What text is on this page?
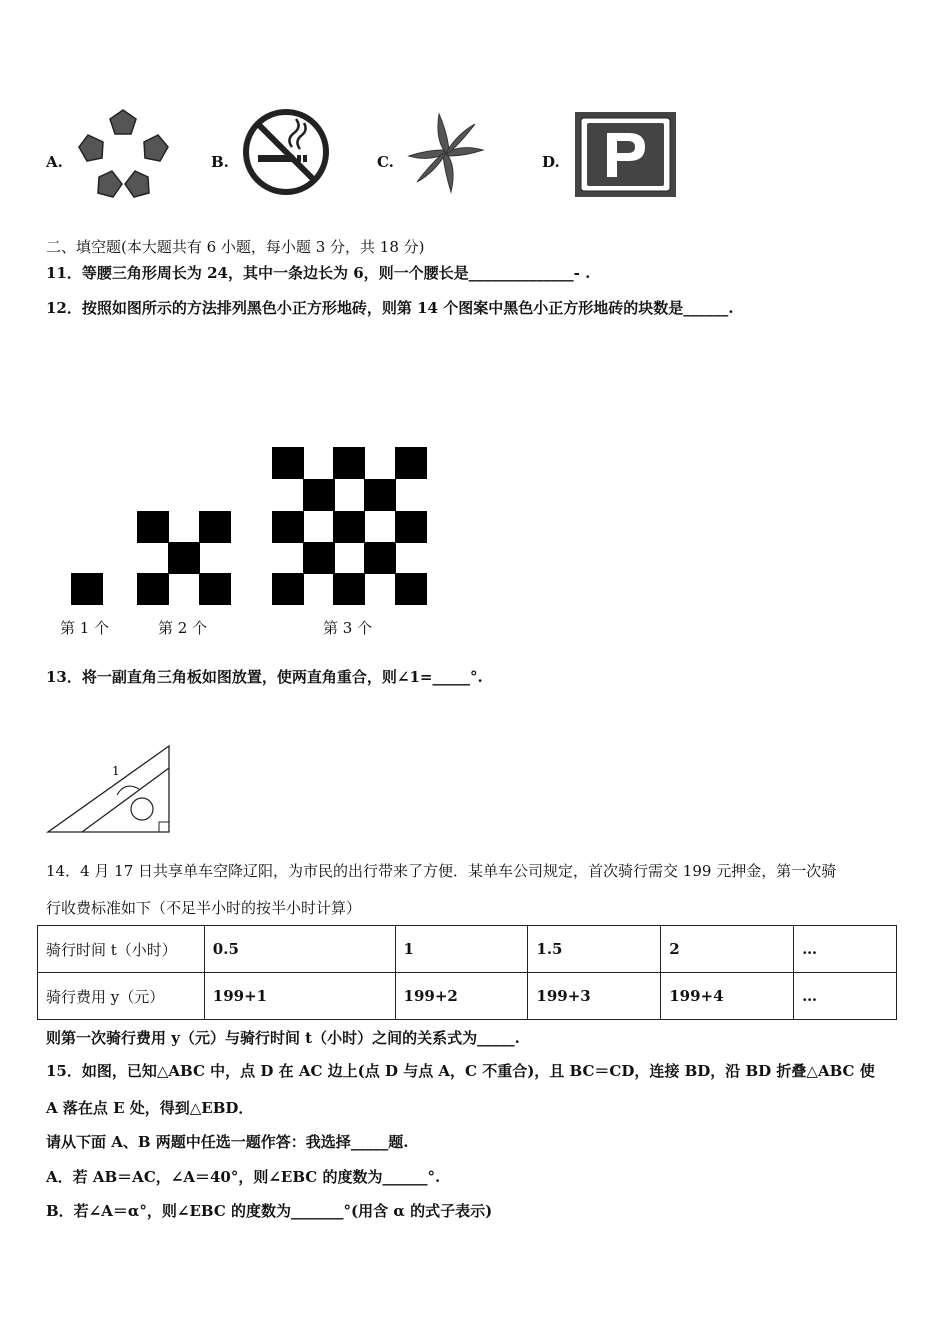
A.	B.	C.	D.
二、填空题(本大题共有 6 小题，每小题 3 分，共 18 分)
11．等腰三角形周长为 24，其中一条边长为 6，则一个腰长是______________- .
12．按照如图所示的方法排列黑色小正方形地砖，则第 14 个图案中黑色小正方形地砖的块数是______.
第 1 个	第 2 个	第 3 个
13．将一副直角三角板如图放置，使两直角重合，则∠1=_____°.
1
14．4 月 17 日共享单车空降辽阳，为市民的出行带来了方便．某单车公司规定，首次骑行需交 199 元押金，第一次骑
行收费标准如下（不足半小时的按半小时计算）
骑行时间 t（小时）	0.5	1	1.5	2	…
骑行费用 y（元）	199+1	199+2	199+3	199+4	…
则第一次骑行费用 y（元）与骑行时间 t（小时）之间的关系式为_____.
15．如图，已知△ABC 中，点 D 在 AC 边上(点 D 与点 A，C 不重合)，且 BC＝CD，连接 BD，沿 BD 折叠△ABC 使
A 落在点 E 处，得到△EBD．
请从下面 A、B 两题中任选一题作答：我选择_____题.
A．若 AB＝AC，∠A＝40°，则∠EBC 的度数为______°.
B．若∠A＝α°，则∠EBC 的度数为_______°(用含 α 的式子表示)
